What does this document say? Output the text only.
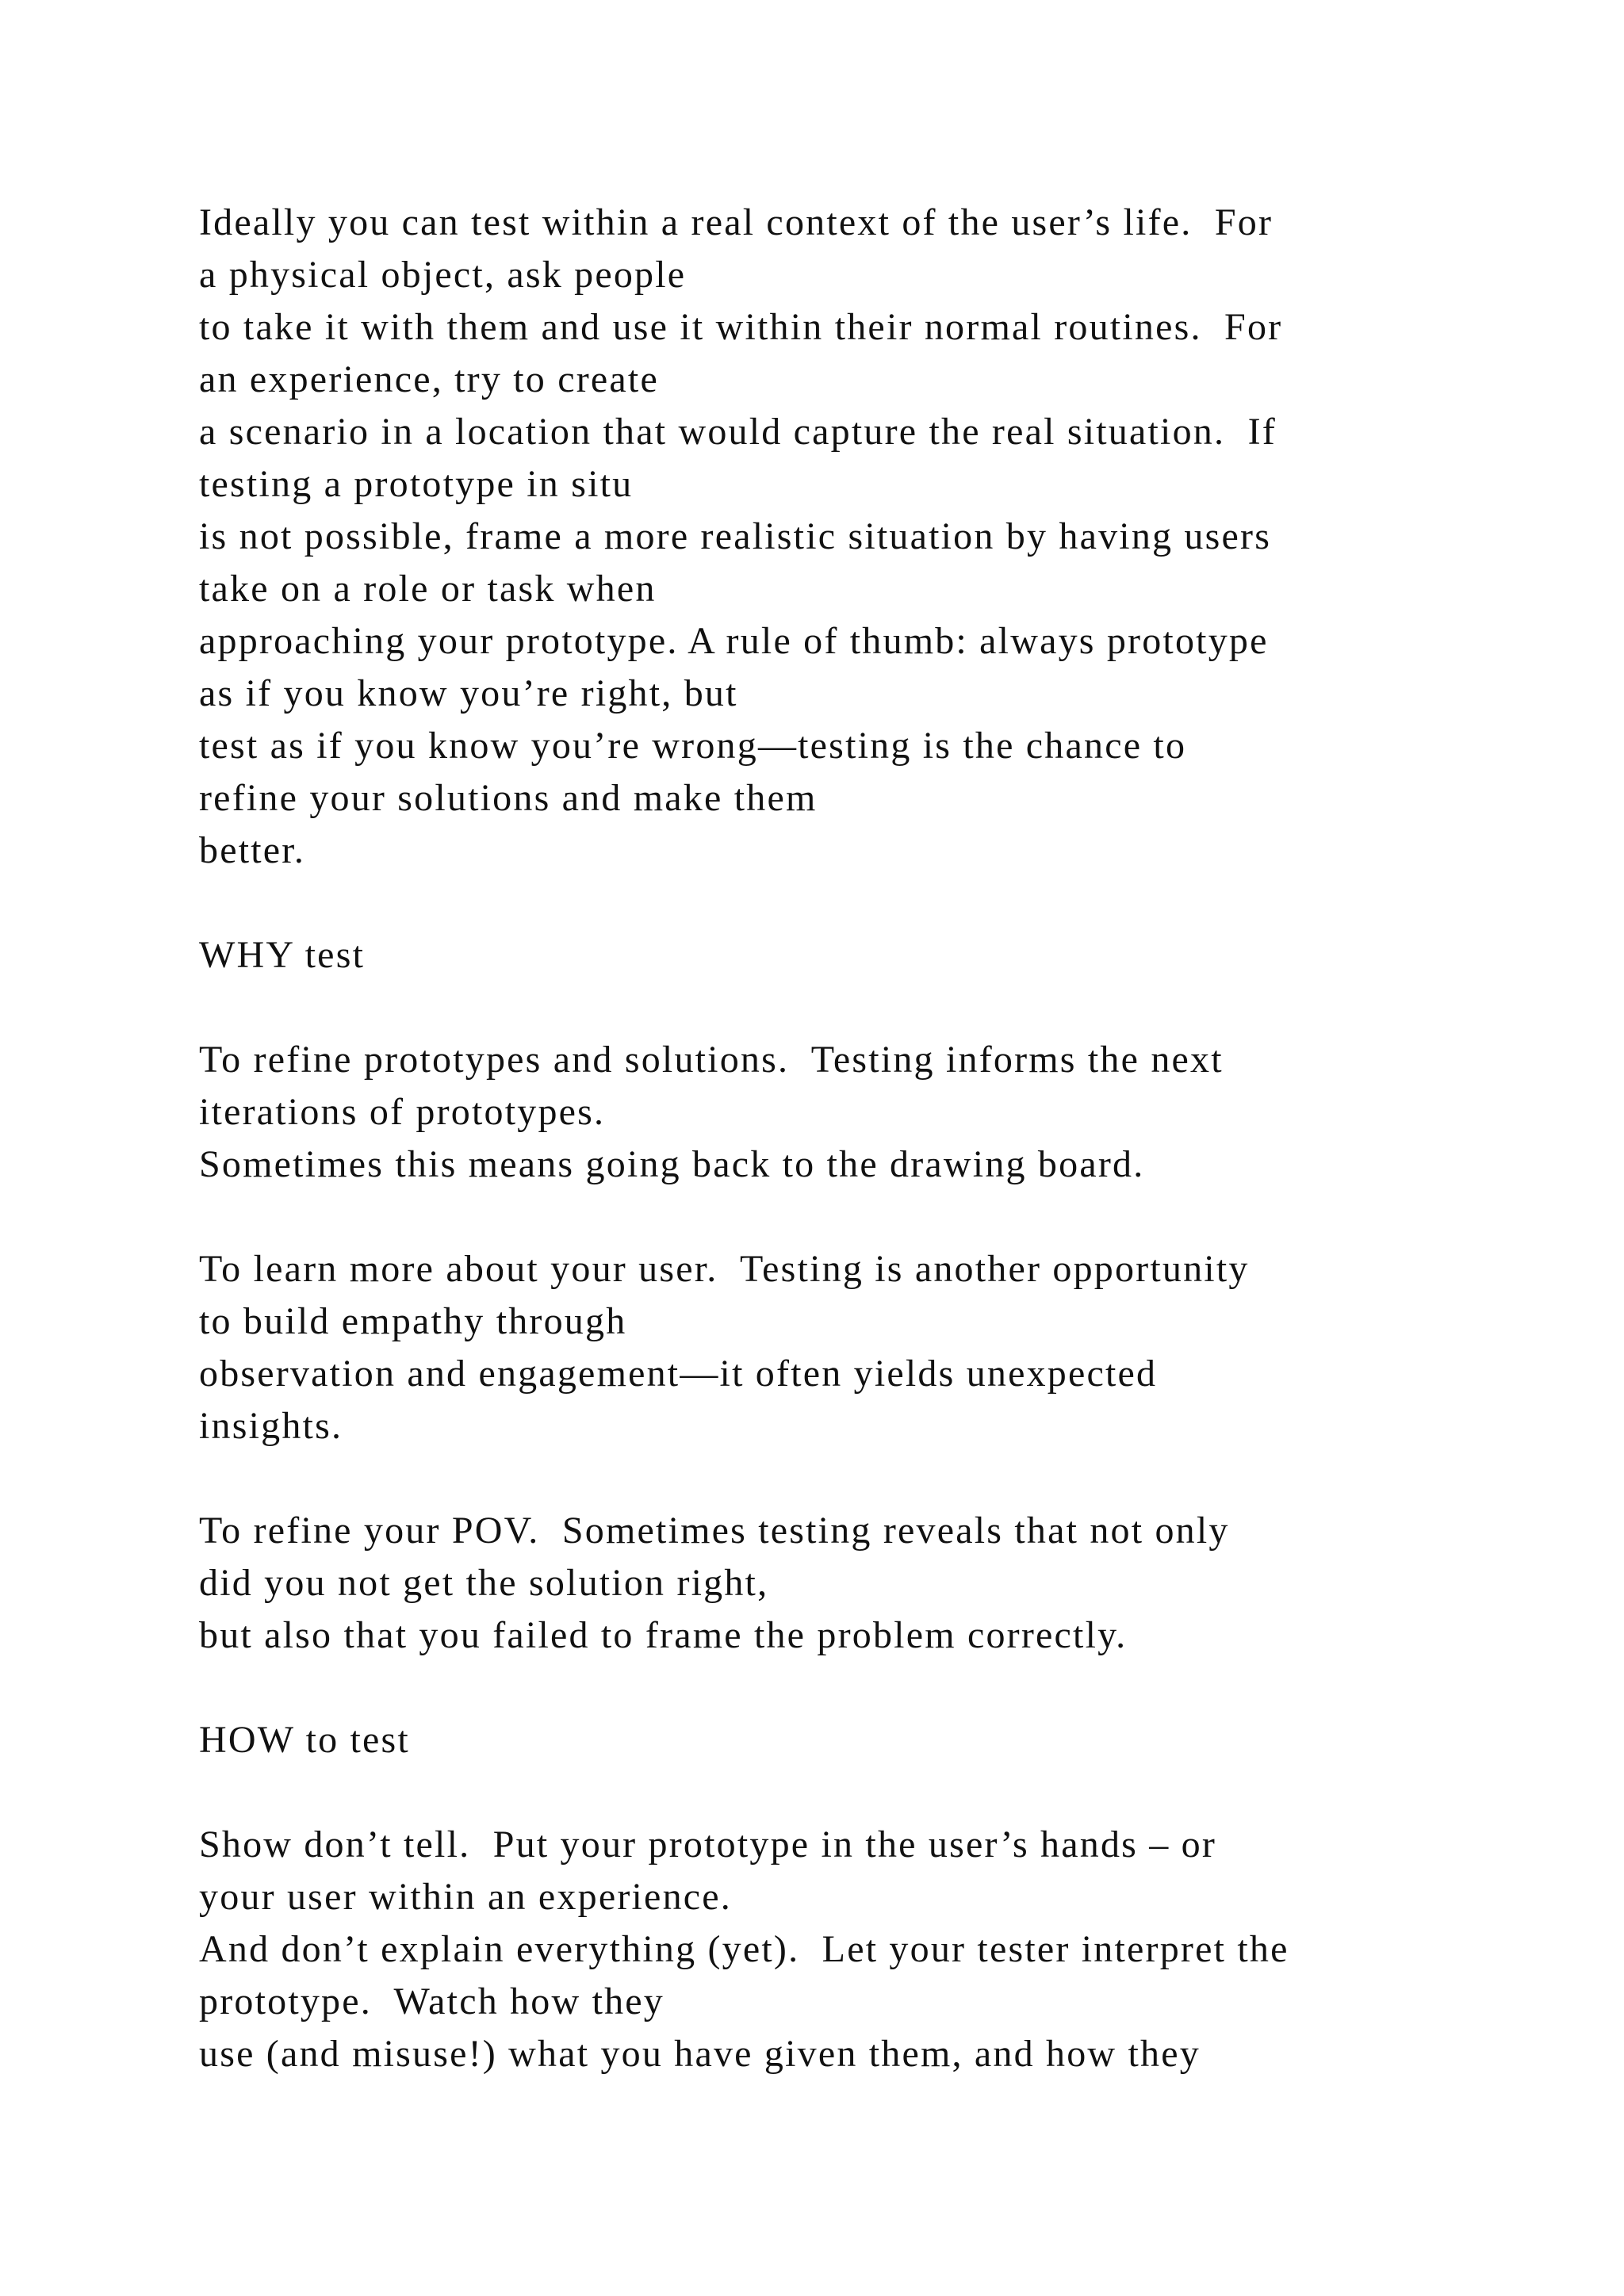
Ideally you can test within a real context of the user’s life.  For
a physical object, ask people
to take it with them and use it within their normal routines.  For
an experience, try to create
a scenario in a location that would capture the real situation.  If
testing a prototype in situ
is not possible, frame a more realistic situation by having users
take on a role or task when
approaching your prototype. A rule of thumb: always prototype
as if you know you’re right, but
test as if you know you’re wrong—testing is the chance to
refine your solutions and make them
better.
WHY test
To refine prototypes and solutions.  Testing informs the next
iterations of prototypes.
Sometimes this means going back to the drawing board.
To learn more about your user.  Testing is another opportunity
to build empathy through
observation and engagement—it often yields unexpected
insights.
To refine your POV.  Sometimes testing reveals that not only
did you not get the solution right,
but also that you failed to frame the problem correctly.
HOW to test
Show don’t tell.  Put your prototype in the user’s hands – or
your user within an experience.
And don’t explain everything (yet).  Let your tester interpret the
prototype.  Watch how they
use (and misuse!) what you have given them, and how they
